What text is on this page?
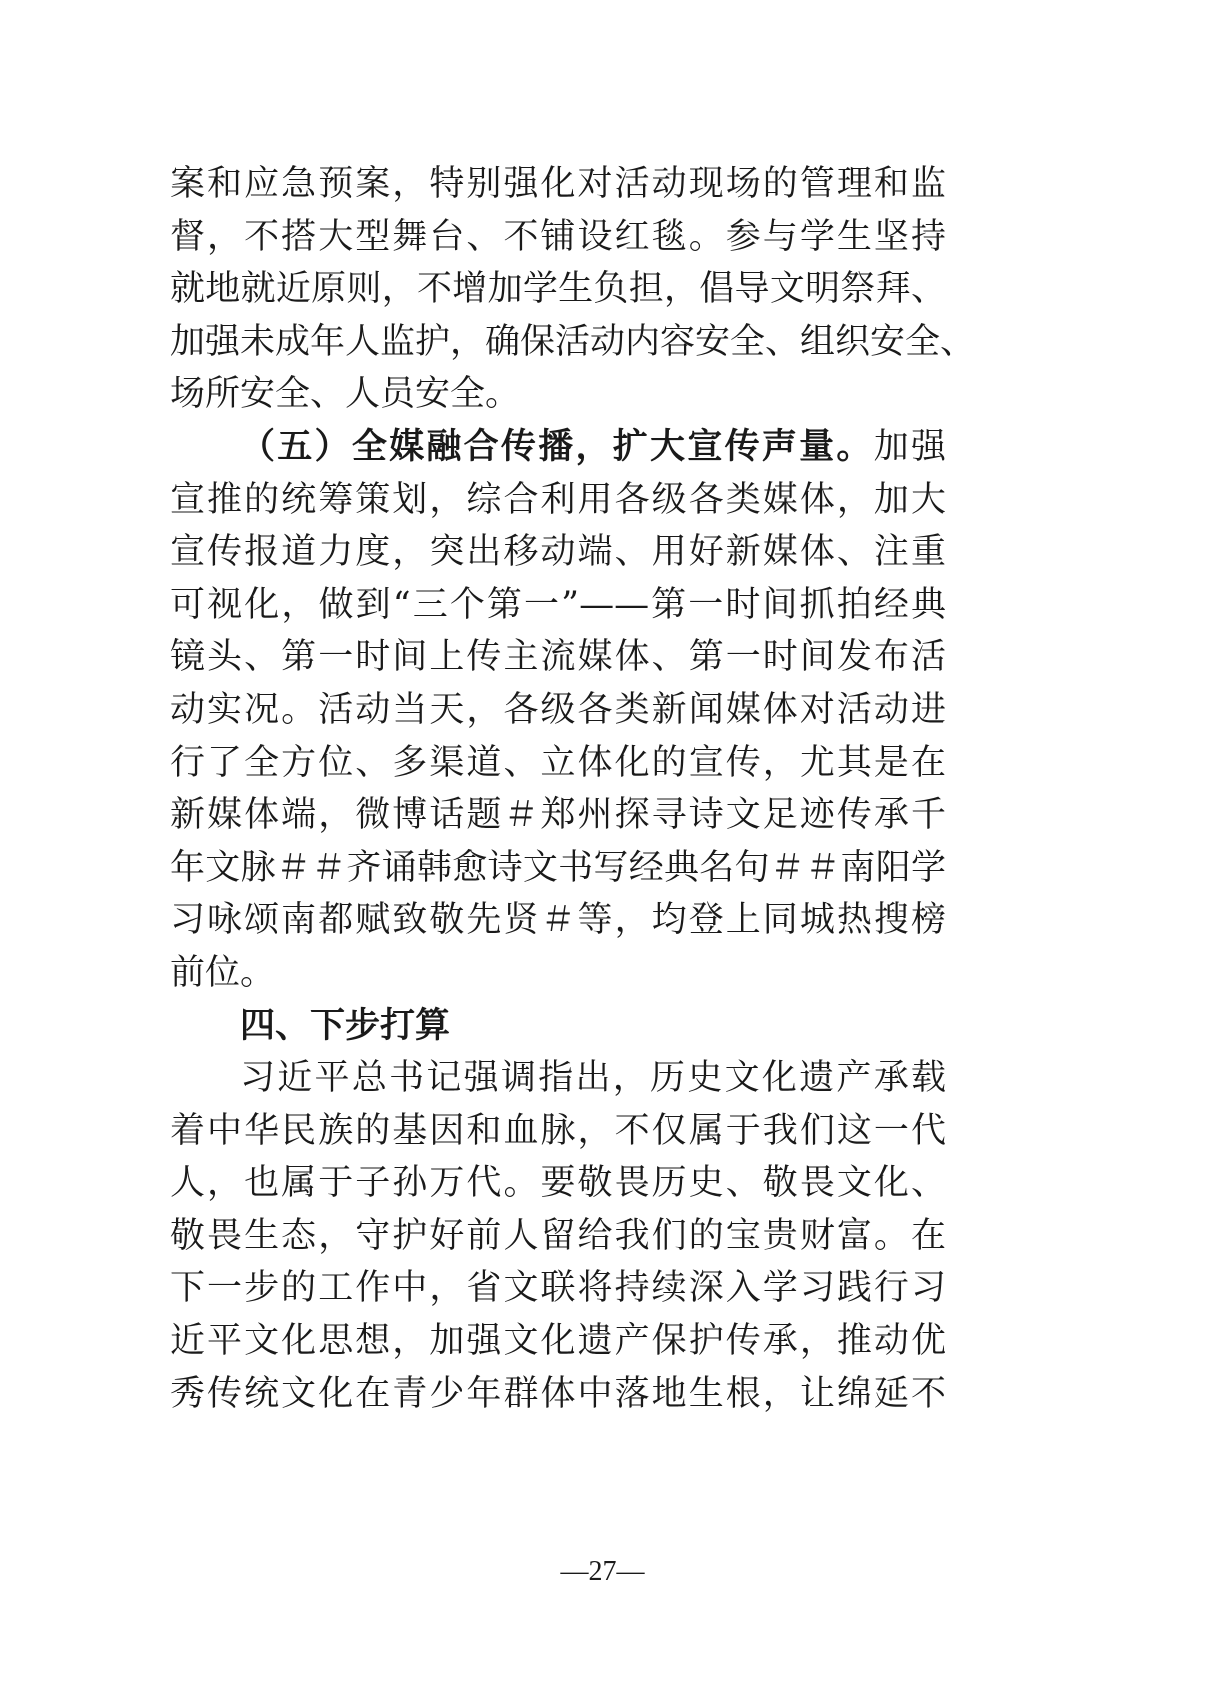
案和应急预案，特别强化对活动现场的管理和监
督，不搭大型舞台、不铺设红毯。参与学生坚持
就地就近原则，不增加学生负担，倡导文明祭拜、
加强未成年人监护，确保活动内容安全、组织安全、
场所安全、人员安全。
（五）全媒融合传播，扩大宣传声量。加强
宣推的统筹策划，综合利用各级各类媒体，加大
宣传报道力度，突出移动端、用好新媒体、注重
可视化，做到“三个第一”——第一时间抓拍经典
镜头、第一时间上传主流媒体、第一时间发布活
动实况。活动当天，各级各类新闻媒体对活动进
行了全方位、多渠道、立体化的宣传，尤其是在
新媒体端，微博话题＃郑州探寻诗文足迹传承千
年文脉＃＃齐诵韩愈诗文书写经典名句＃＃南阳学
习咏颂南都赋致敬先贤＃等，均登上同城热搜榜
前位。
四、下步打算
习近平总书记强调指出，历史文化遗产承载
着中华民族的基因和血脉，不仅属于我们这一代
人，也属于子孙万代。要敬畏历史、敬畏文化、
敬畏生态，守护好前人留给我们的宝贵财富。在
下一步的工作中，省文联将持续深入学习践行习
近平文化思想，加强文化遗产保护传承，推动优
秀传统文化在青少年群体中落地生根，让绵延不
—27—
